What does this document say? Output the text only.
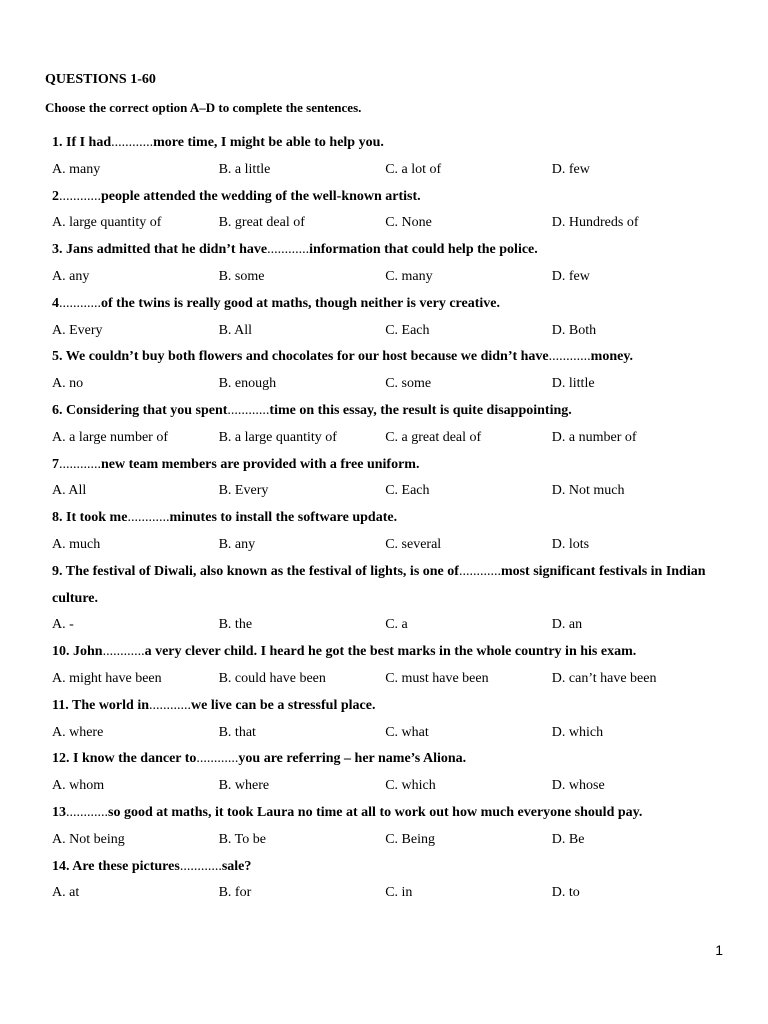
QUESTIONS 1-60
Choose the correct option A–D to complete the sentences.
1. If I had............more time, I might be able to help you.
A. many	B. a little	C. a lot of	D. few
2............people attended the wedding of the well-known artist.
A. large quantity of	B. great deal of	C. None	D. Hundreds of
3. Jans admitted that he didn’t have............information that could help the police.
A. any	B. some	C. many	D. few
4............of the twins is really good at maths, though neither is very creative.
A. Every	B. All	C. Each	D. Both
5. We couldn’t buy both flowers and chocolates for our host because we didn’t have............money.
A. no	B. enough	C. some	D. little
6. Considering that you spent............time on this essay, the result is quite disappointing.
A. a large number of	B. a large quantity of	C. a great deal of	D. a number of
7............new team members are provided with a free uniform.
A. All	B. Every	C. Each	D. Not much
8. It took me............minutes to install the software update.
A. much	B. any	C. several	D. lots
9. The festival of Diwali, also known as the festival of lights, is one of............most significant festivals in Indian culture.
A. -	B. the	C. a	D. an
10. John............a very clever child. I heard he got the best marks in the whole country in his exam.
A. might have been	B. could have been	C. must have been	D. can’t have been
11. The world in............we live can be a stressful place.
A. where	B. that	C. what	D. which
12. I know the dancer to............you are referring – her name’s Aliona.
A. whom	B. where	C. which	D. whose
13............so good at maths, it took Laura no time at all to work out how much everyone should pay.
A. Not being	B. To be	C. Being	D. Be
14. Are these pictures............sale?
A. at	B. for	C. in	D. to
1
